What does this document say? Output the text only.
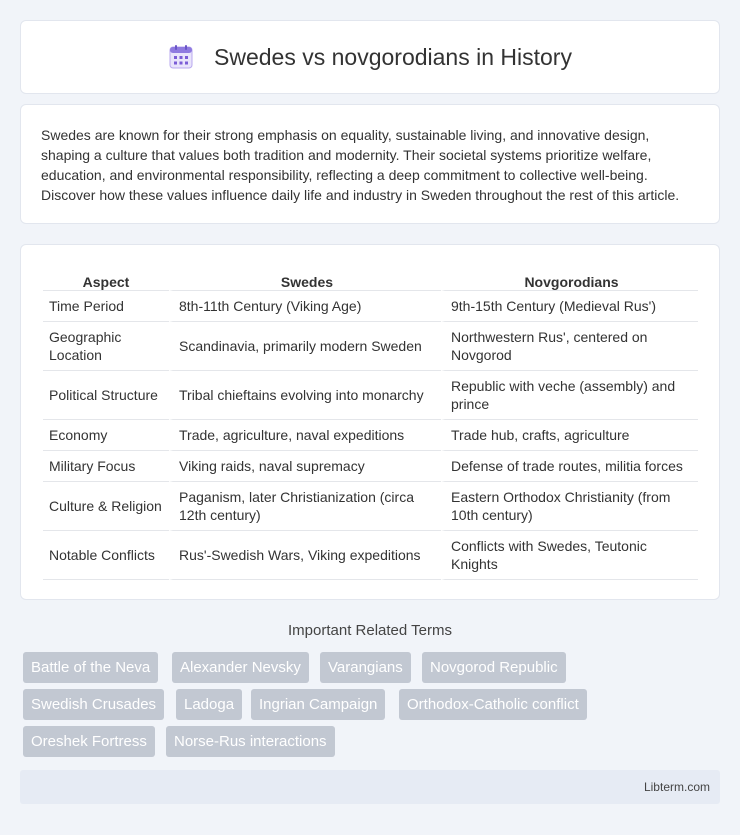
Swedes vs novgorodians in History

Swedes are known for their strong emphasis on equality, sustainable living, and innovative design, shaping a culture that values both tradition and modernity. Their societal systems prioritize welfare, education, and environmental responsibility, reflecting a deep commitment to collective well-being. Discover how these values influence daily life and industry in Sweden throughout the rest of this article.

Aspect	Swedes	Novgorodians
Time Period	8th-11th Century (Viking Age)	9th-15th Century (Medieval Rus')
Geographic Location	Scandinavia, primarily modern Sweden	Northwestern Rus', centered on Novgorod
Political Structure	Tribal chieftains evolving into monarchy	Republic with veche (assembly) and prince
Economy	Trade, agriculture, naval expeditions	Trade hub, crafts, agriculture
Military Focus	Viking raids, naval supremacy	Defense of trade routes, militia forces
Culture & Religion	Paganism, later Christianization (circa 12th century)	Eastern Orthodox Christianity (from 10th century)
Notable Conflicts	Rus'-Swedish Wars, Viking expeditions	Conflicts with Swedes, Teutonic Knights
Important Related Terms
Battle of the Neva	Alexander Nevsky	Varangians	Novgorod Republic
Swedish Crusades	Ladoga	Ingrian Campaign	Orthodox-Catholic conflict
Oreshek Fortress	Norse-Rus interactions
Libterm.com
